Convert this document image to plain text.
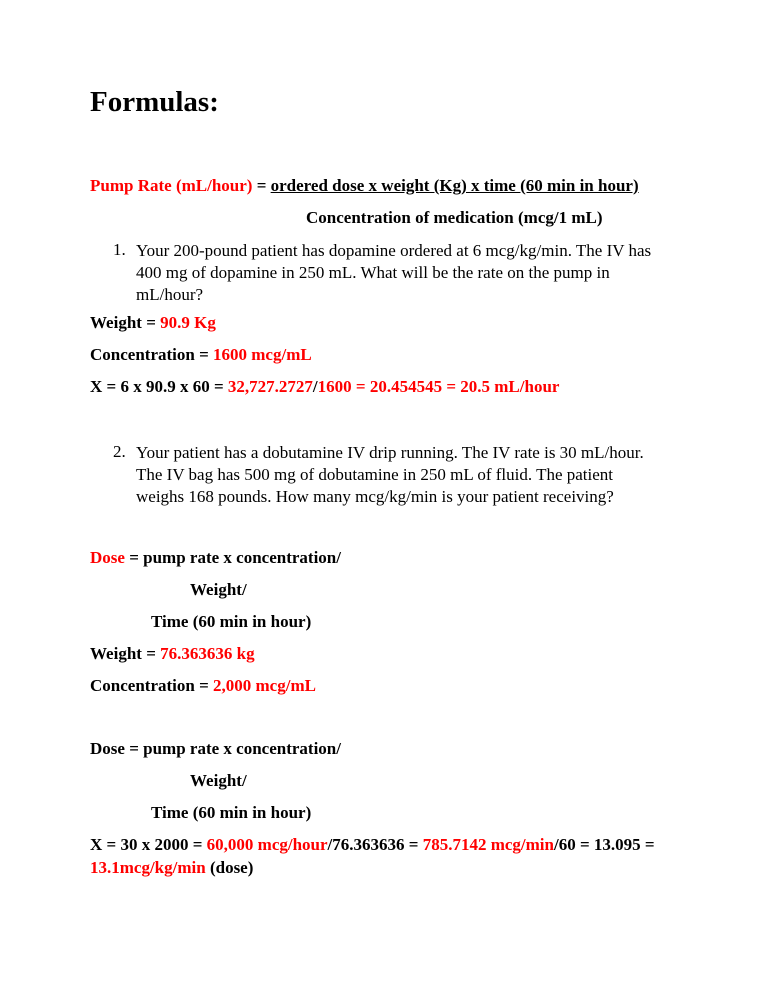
Formulas:
Pump Rate (mL/hour) = ordered dose x weight (Kg) x time (60 min in hour)
Concentration of medication (mcg/1 mL)
1. Your 200-pound patient has dopamine ordered at 6 mcg/kg/min. The IV has
400 mg of dopamine in 250 mL. What will be the rate on the pump in
mL/hour?
Weight = 90.9 Kg
Concentration = 1600 mcg/mL
X = 6 x 90.9 x 60 = 32,727.2727/1600 = 20.454545 = 20.5 mL/hour
2. Your patient has a dobutamine IV drip running. The IV rate is 30 mL/hour.
The IV bag has 500 mg of dobutamine in 250 mL of fluid. The patient
weighs 168 pounds. How many mcg/kg/min is your patient receiving?
Dose = pump rate x concentration/
Weight/
Time (60 min in hour)
Weight = 76.363636 kg
Concentration = 2,000 mcg/mL
Dose = pump rate x concentration/
Weight/
Time (60 min in hour)
X = 30 x 2000 = 60,000 mcg/hour/76.363636 = 785.7142 mcg/min/60 = 13.095 =
13.1mcg/kg/min (dose)
